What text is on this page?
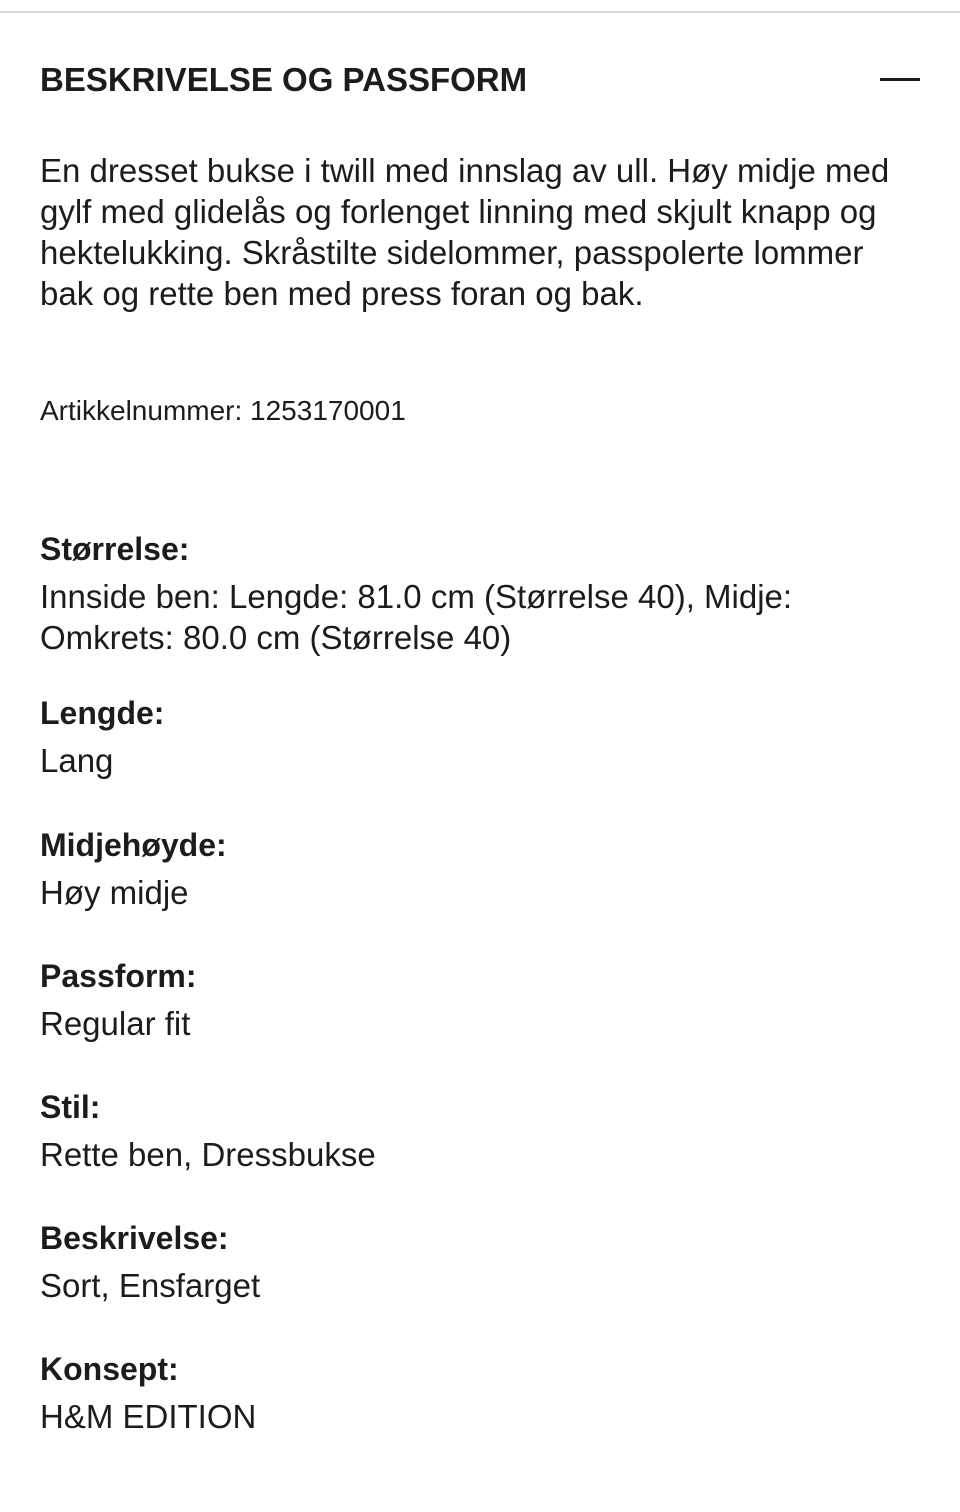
BESKRIVELSE OG PASSFORM

En dresset bukse i twill med innslag av ull. Høy midje med gylf med glidelås og forlenget linning med skjult knapp og hektelukking. Skråstilte sidelommer, passpolerte lommer bak og rette ben med press foran og bak.

Artikkelnummer: 1253170001

Størrelse:

Innside ben: Lengde: 81.0 cm (Størrelse 40), Midje: Omkrets: 80.0 cm (Størrelse 40)

Lengde:

Lang

Midjehøyde:

Høy midje

Passform:

Regular fit

Stil:

Rette ben, Dressbukse

Beskrivelse:

Sort, Ensfarget

Konsept:

H&M EDITION
